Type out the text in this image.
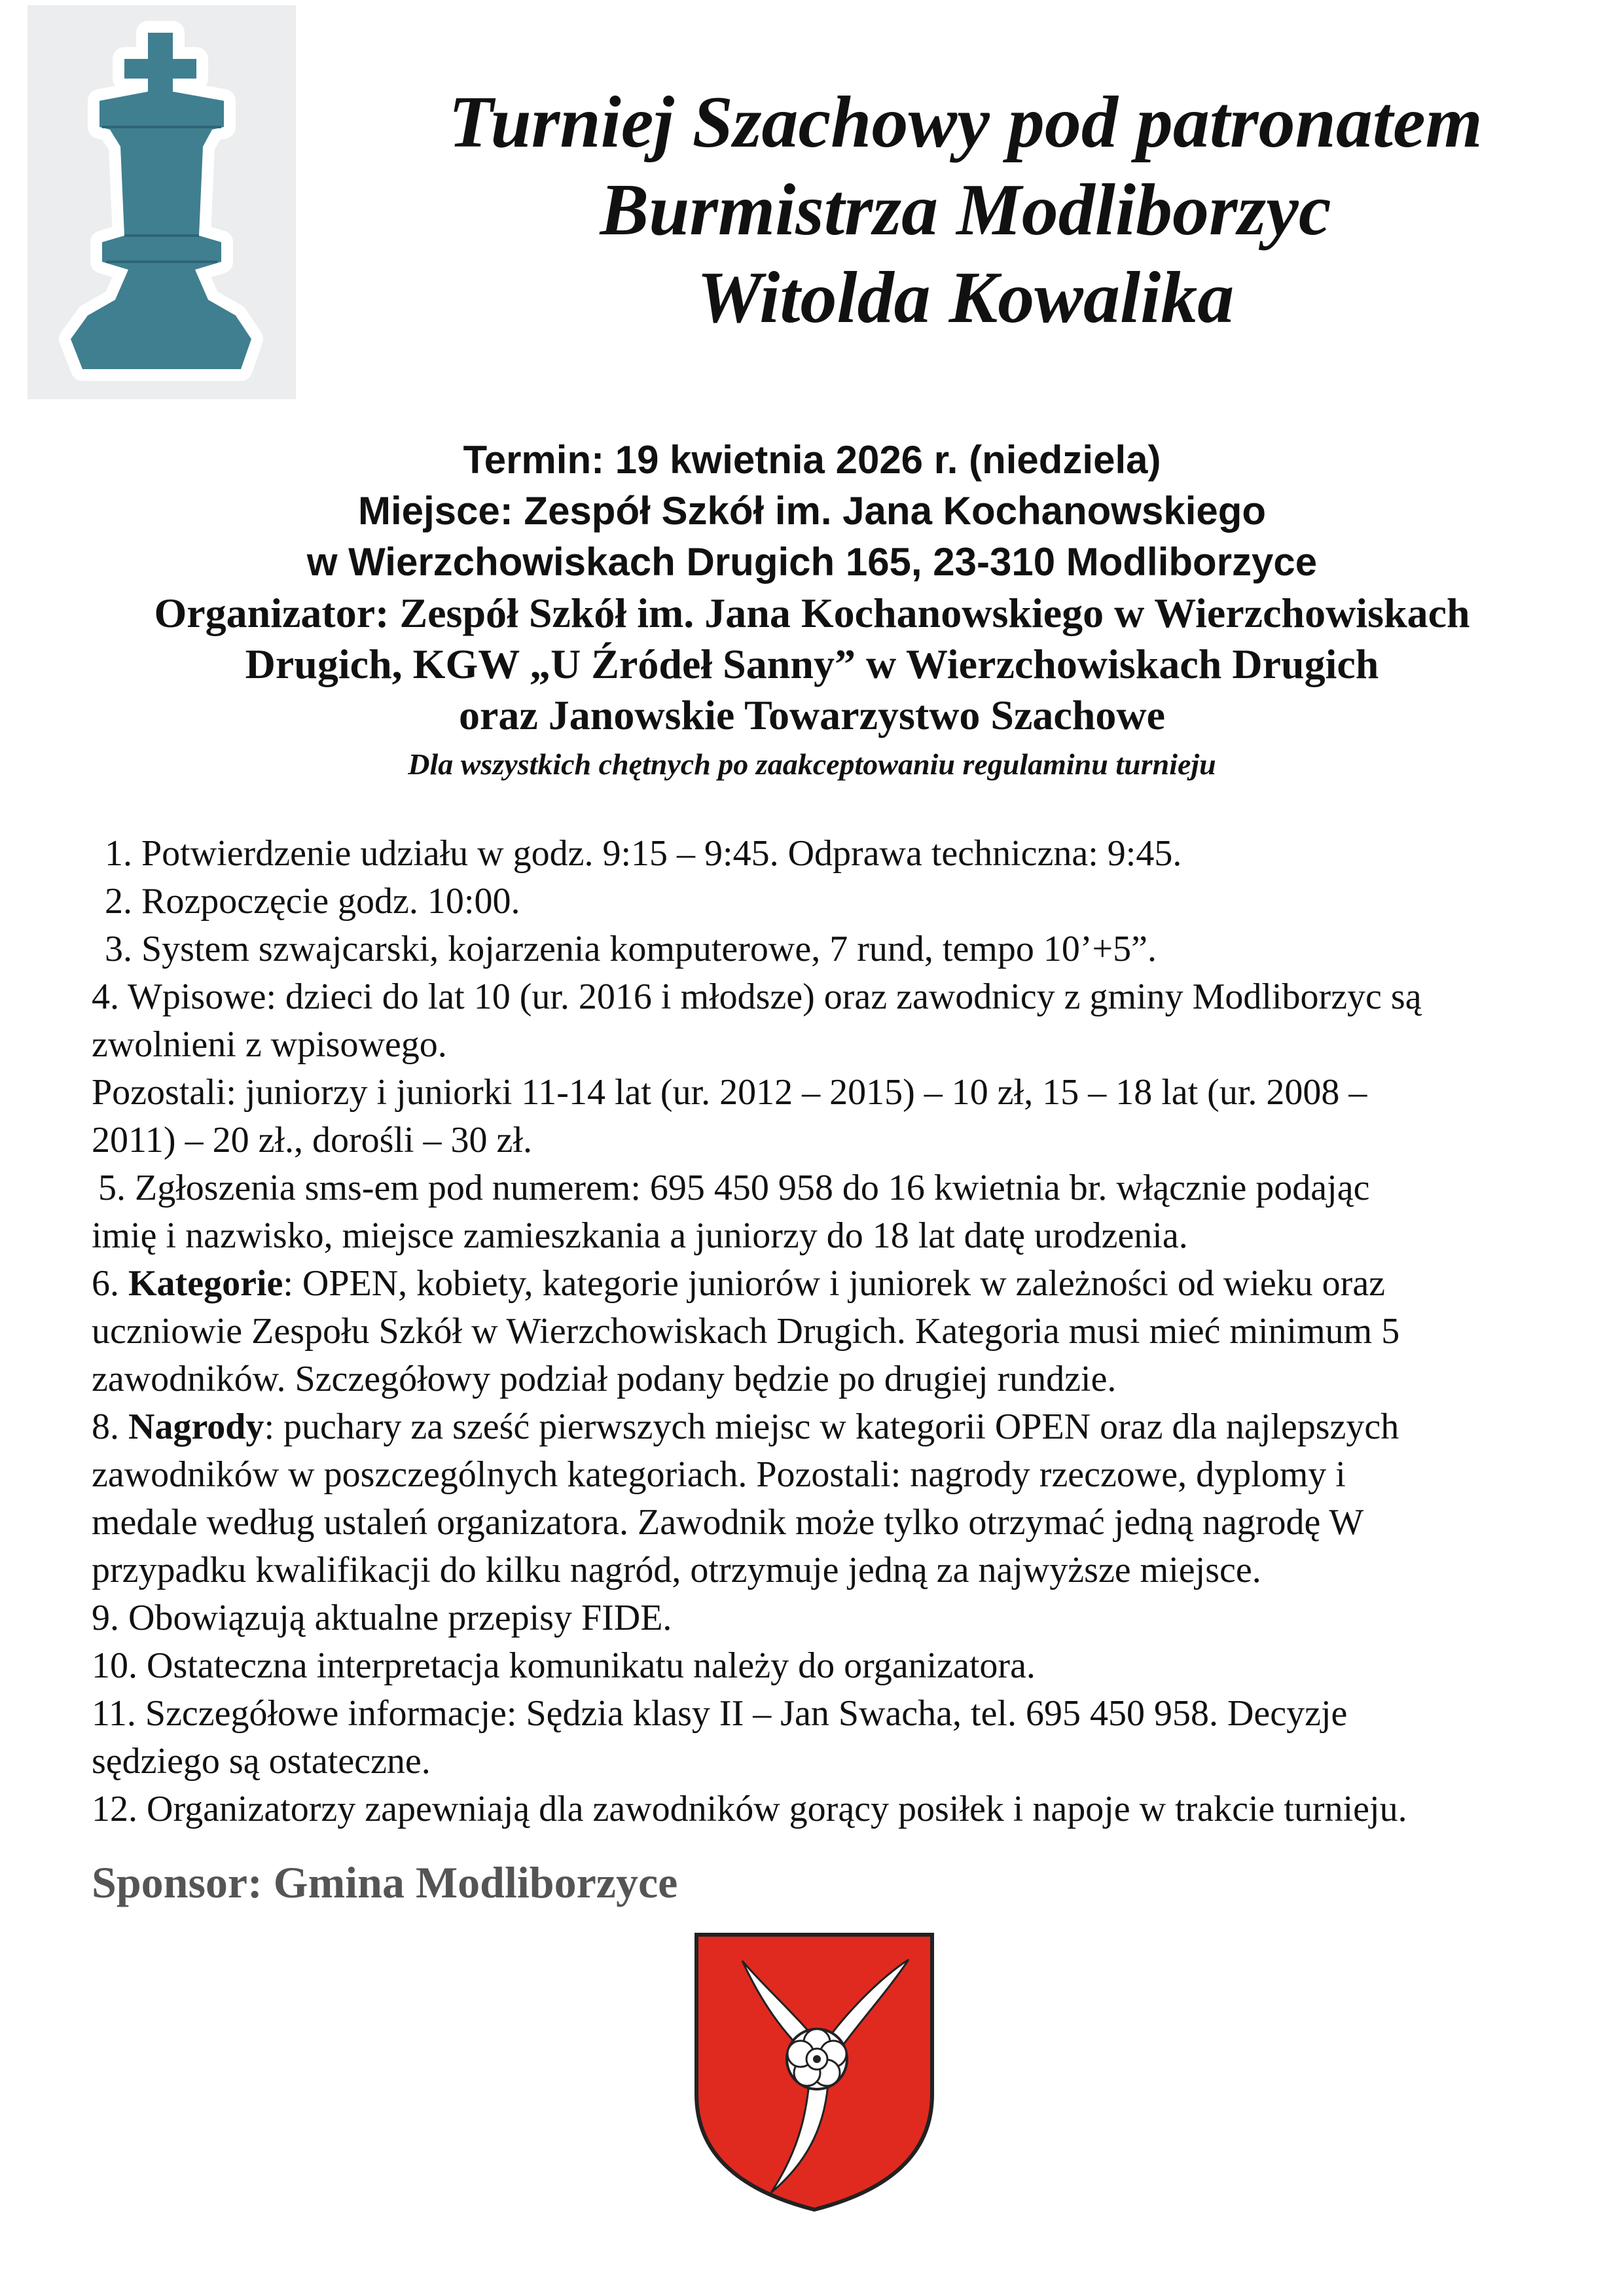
Turniej Szachowy pod patronatem
Burmistrza Modliborzyc
Witolda Kowalika
Termin: 19 kwietnia 2026 r. (niedziela)
Miejsce: Zespół Szkół im. Jana Kochanowskiego
w Wierzchowiskach Drugich 165, 23-310 Modliborzyce
Organizator: Zespół Szkół im. Jana Kochanowskiego w Wierzchowiskach
Drugich, KGW „U Źródeł Sanny” w Wierzchowiskach Drugich
oraz Janowskie Towarzystwo Szachowe
Dla wszystkich chętnych po zaakceptowaniu regulaminu turnieju
1. Potwierdzenie udziału w godz. 9:15 – 9:45. Odprawa techniczna: 9:45.
2. Rozpoczęcie godz. 10:00.
3. System szwajcarski, kojarzenia komputerowe, 7 rund, tempo 10’+5”.
4. Wpisowe: dzieci do lat 10 (ur. 2016 i młodsze) oraz zawodnicy z gminy Modliborzyc są
zwolnieni z wpisowego.
Pozostali: juniorzy i juniorki 11-14 lat (ur. 2012 – 2015) – 10 zł, 15 – 18 lat (ur. 2008 –
2011) – 20 zł., dorośli – 30 zł.
5. Zgłoszenia sms-em pod numerem: 695 450 958 do 16 kwietnia br. włącznie podając
imię i nazwisko, miejsce zamieszkania a juniorzy do 18 lat datę urodzenia.
6. Kategorie: OPEN, kobiety, kategorie juniorów i juniorek w zależności od wieku oraz
uczniowie Zespołu Szkół w Wierzchowiskach Drugich. Kategoria musi mieć minimum 5
zawodników. Szczegółowy podział podany będzie po drugiej rundzie.
8. Nagrody: puchary za sześć pierwszych miejsc w kategorii OPEN oraz dla najlepszych
zawodników w poszczególnych kategoriach. Pozostali: nagrody rzeczowe, dyplomy i
medale według ustaleń organizatora. Zawodnik może tylko otrzymać jedną nagrodę W
przypadku kwalifikacji do kilku nagród, otrzymuje jedną za najwyższe miejsce.
9. Obowiązują aktualne przepisy FIDE.
10. Ostateczna interpretacja komunikatu należy do organizatora.
11. Szczegółowe informacje: Sędzia klasy II – Jan Swacha, tel. 695 450 958. Decyzje
sędziego są ostateczne.
12. Organizatorzy zapewniają dla zawodników gorący posiłek i napoje w trakcie turnieju.
Sponsor: Gmina Modliborzyce
